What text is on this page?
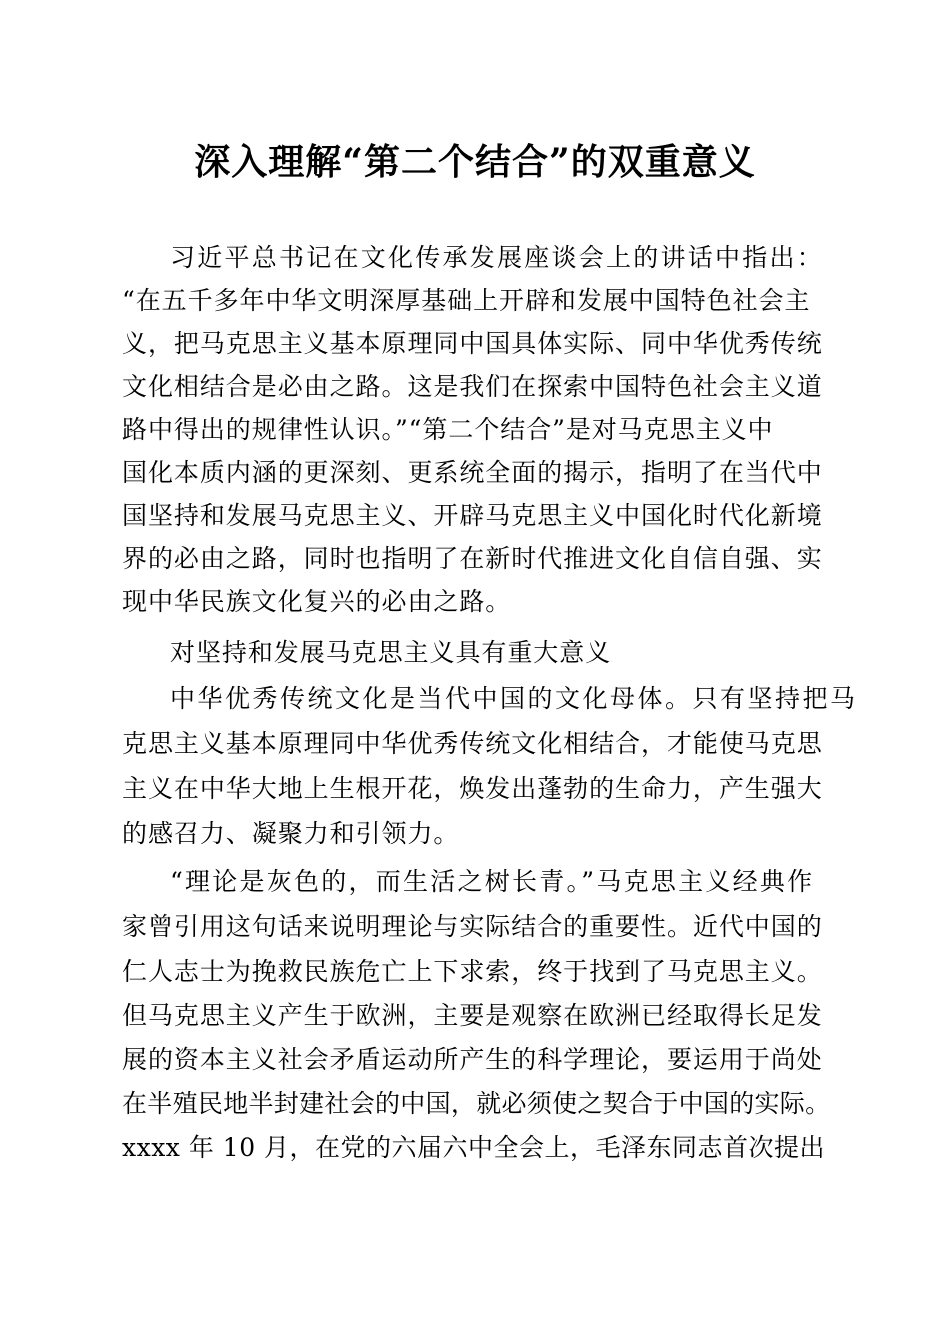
深入理解“第二个结合”的双重意义
习近平总书记在文化传承发展座谈会上的讲话中指出：
“在五千多年中华文明深厚基础上开辟和发展中国特色社会主
义，把马克思主义基本原理同中国具体实际、同中华优秀传统
文化相结合是必由之路。这是我们在探索中国特色社会主义道
路中得出的规律性认识。”“第二个结合”是对马克思主义中
国化本质内涵的更深刻、更系统全面的揭示，指明了在当代中
国坚持和发展马克思主义、开辟马克思主义中国化时代化新境
界的必由之路，同时也指明了在新时代推进文化自信自强、实
现中华民族文化复兴的必由之路。
对坚持和发展马克思主义具有重大意义
中华优秀传统文化是当代中国的文化母体。只有坚持把马
克思主义基本原理同中华优秀传统文化相结合，才能使马克思
主义在中华大地上生根开花，焕发出蓬勃的生命力，产生强大
的感召力、凝聚力和引领力。
“理论是灰色的，而生活之树长青。”马克思主义经典作
家曾引用这句话来说明理论与实际结合的重要性。近代中国的
仁人志士为挽救民族危亡上下求索，终于找到了马克思主义。
但马克思主义产生于欧洲，主要是观察在欧洲已经取得长足发
展的资本主义社会矛盾运动所产生的科学理论，要运用于尚处
在半殖民地半封建社会的中国，就必须使之契合于中国的实际。
xxxx 年 10 月，在党的六届六中全会上，毛泽东同志首次提出
